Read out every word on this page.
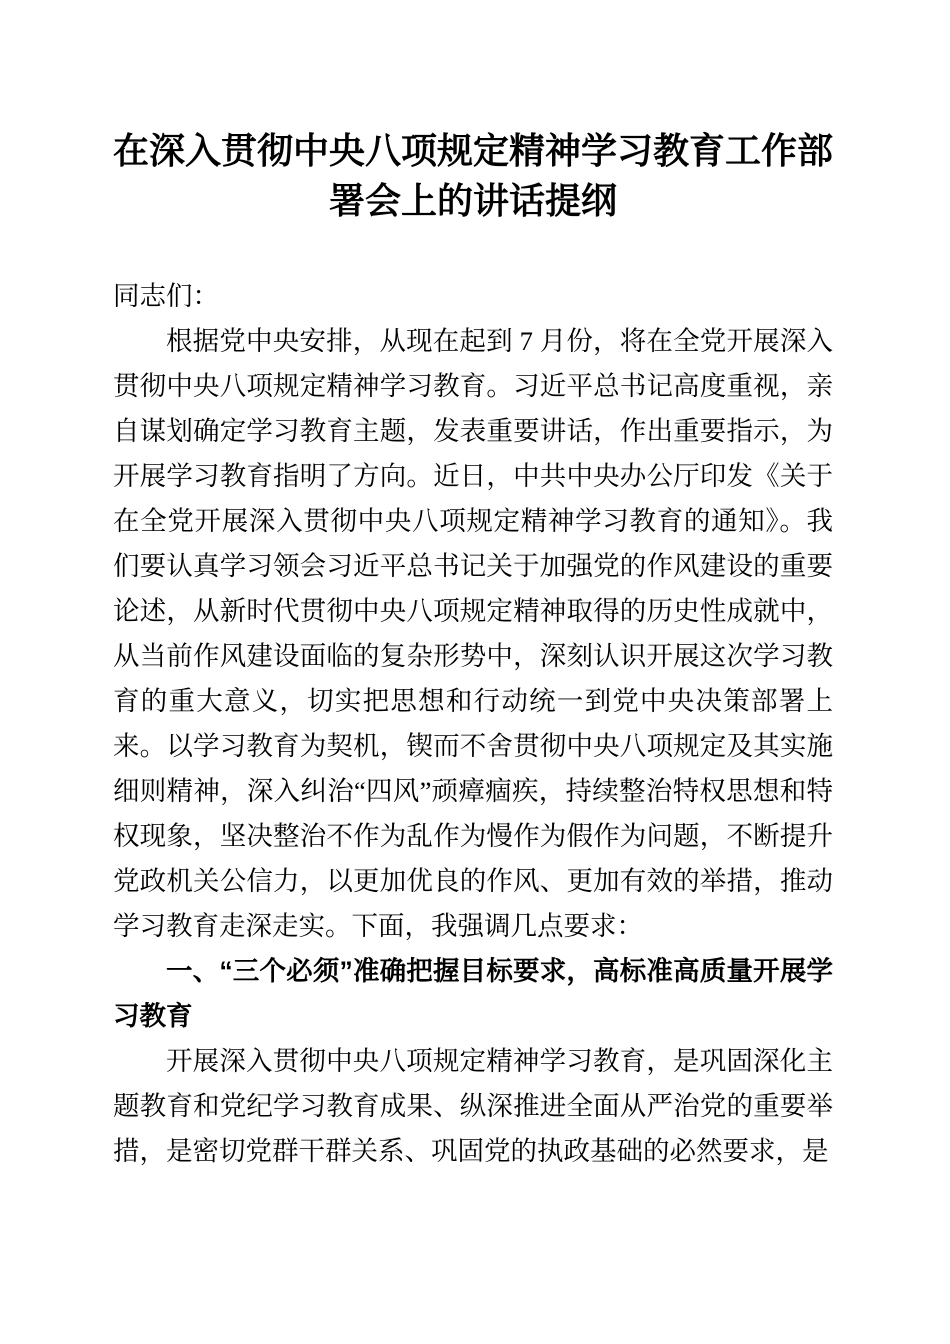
在深入贯彻中央八项规定精神学习教育工作部署会上的讲话提纲

同志们：

根据党中央安排，从现在起到 7 月份，将在全党开展深入贯彻中央八项规定精神学习教育。习近平总书记高度重视，亲自谋划确定学习教育主题，发表重要讲话，作出重要指示，为开展学习教育指明了方向。近日，中共中央办公厅印发《关于在全党开展深入贯彻中央八项规定精神学习教育的通知》。我们要认真学习领会习近平总书记关于加强党的作风建设的重要论述，从新时代贯彻中央八项规定精神取得的历史性成就中，从当前作风建设面临的复杂形势中，深刻认识开展这次学习教育的重大意义，切实把思想和行动统一到党中央决策部署上来。以学习教育为契机，锲而不舍贯彻中央八项规定及其实施细则精神，深入纠治“四风”顽瘴痼疾，持续整治特权思想和特权现象，坚决整治不作为乱作为慢作为假作为问题，不断提升党政机关公信力，以更加优良的作风、更加有效的举措，推动学习教育走深走实。下面，我强调几点要求：

一、“三个必须”准确把握目标要求，高标准高质量开展学习教育

开展深入贯彻中央八项规定精神学习教育，是巩固深化主题教育和党纪学习教育成果、纵深推进全面从严治党的重要举措，是密切党群干群关系、巩固党的执政基础的必然要求，是
